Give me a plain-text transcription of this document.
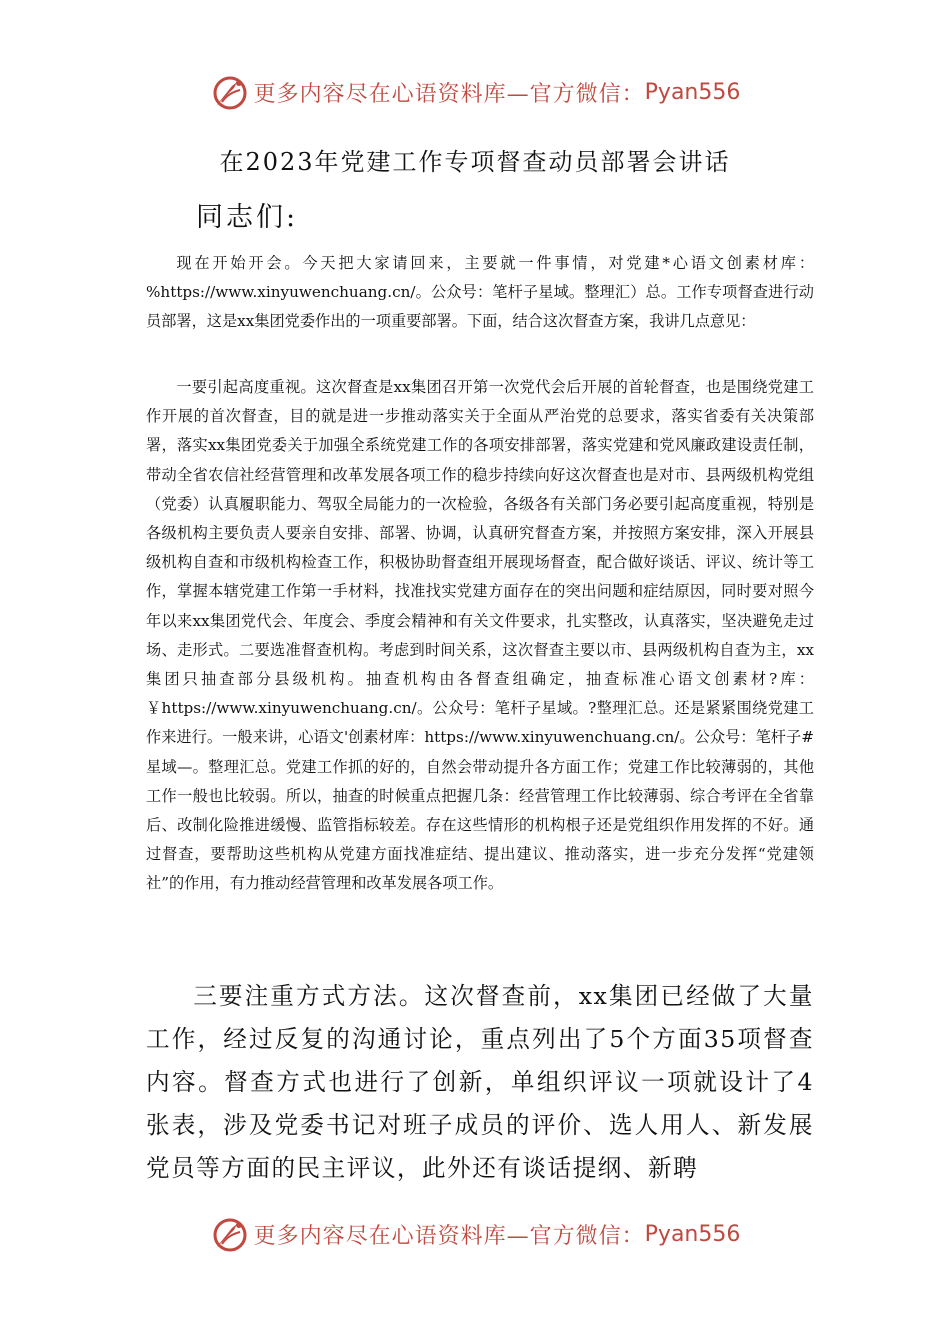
更多内容尽在心语资料库—官方微信： Pyan556
在2023年党建工作专项督查动员部署会讲话
同志们:

现在开始开会。今天把大家请回来，主要就一件事情，对党建*心语文创素材库：%https://www.xinyuwenchuang.cn/。公众号：笔杆子星域。整理汇）总。工作专项督查进行动员部署，这是xx集团党委作出的一项重要部署。下面，结合这次督查方案，我讲几点意见：

一要引起高度重视。这次督查是xx集团召开第一次党代会后开展的首轮督查，也是围绕党建工作开展的首次督查，目的就是进一步推动落实关于全面从严治党的总要求，落实省委有关决策部署，落实xx集团党委关于加强全系统党建工作的各项安排部署，落实党建和党风廉政建设责任制，带动全省农信社经营管理和改革发展各项工作的稳步持续向好这次督查也是对市、县两级机构党组（党委）认真履职能力、驾驭全局能力的一次检验，各级各有关部门务必要引起高度重视，特别是各级机构主要负责人要亲自安排、部署、协调，认真研究督查方案，并按照方案安排，深入开展县级机构自查和市级机构检查工作，积极协助督查组开展现场督查，配合做好谈话、评议、统计等工作，掌握本辖党建工作第一手材料，找准找实党建方面存在的突出问题和症结原因，同时要对照今年以来xx集团党代会、年度会、季度会精神和有关文件要求，扎实整改，认真落实，坚决避免走过场、走形式。二要选准督查机构。考虑到时间关系，这次督查主要以市、县两级机构自查为主，xx集团只抽查部分县级机构。抽查机构由各督查组确定，抽查标准心语文创素材?库：￥https://www.xinyuwenchuang.cn/。公众号：笔杆子星域。?整理汇总。还是紧紧围绕党建工作来进行。一般来讲，心语文'创素材库：https://www.xinyuwenchuang.cn/。公众号：笔杆子#星域—。整理汇总。党建工作抓的好的，自然会带动提升各方面工作；党建工作比较薄弱的，其他工作一般也比较弱。所以，抽查的时候重点把握几条：经营管理工作比较薄弱、综合考评在全省靠后、改制化险推进缓慢、监管指标较差。存在这些情形的机构根子还是党组织作用发挥的不好。通过督查，要帮助这些机构从党建方面找准症结、提出建议、推动落实，进一步充分发挥“党建领社”的作用，有力推动经营管理和改革发展各项工作。

三要注重方式方法。这次督查前，xx集团已经做了大量工作，经过反复的沟通讨论，重点列出了5个方面35项督查内容。督查方式也进行了创新，单组织评议一项就设计了4张表，涉及党委书记对班子成员的评价、选人用人、新发展党员等方面的民主评议，此外还有谈话提纲、新聘

更多内容尽在心语资料库—官方微信： Pyan556
